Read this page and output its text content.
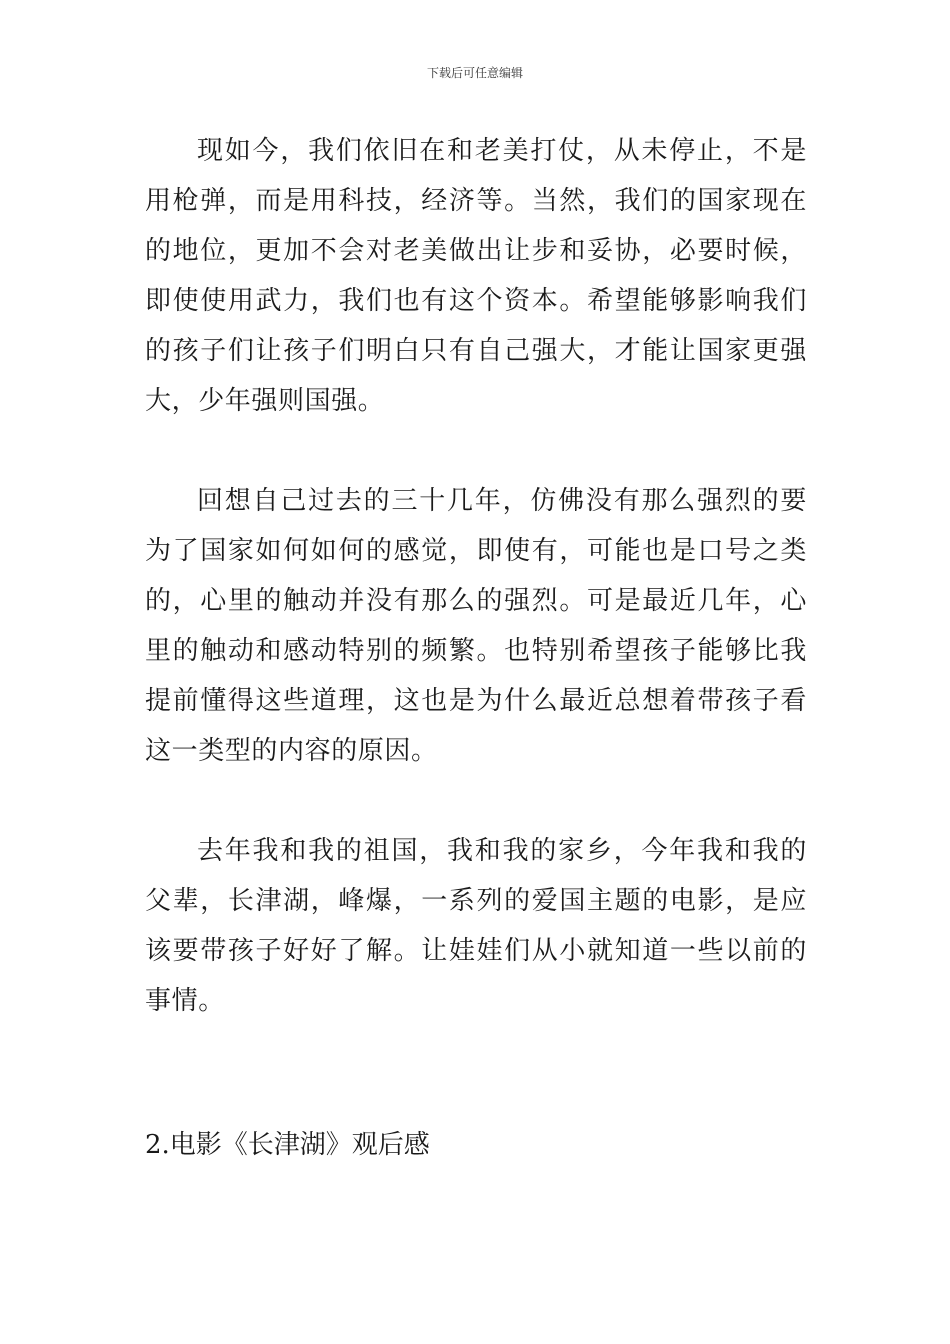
下载后可任意编辑

现如今，我们依旧在和老美打仗，从未停止，不是用枪弹，而是用科技，经济等。当然，我们的国家现在的地位，更加不会对老美做出让步和妥协，必要时候，即使使用武力，我们也有这个资本。希望能够影响我们的孩子们让孩子们明白只有自己强大，才能让国家更强大，少年强则国强。

回想自己过去的三十几年，仿佛没有那么强烈的要为了国家如何如何的感觉，即使有，可能也是口号之类的，心里的触动并没有那么的强烈。可是最近几年，心里的触动和感动特别的频繁。也特别希望孩子能够比我提前懂得这些道理，这也是为什么最近总想着带孩子看这一类型的内容的原因。

去年我和我的祖国，我和我的家乡，今年我和我的父辈，长津湖，峰爆，一系列的爱国主题的电影，是应该要带孩子好好了解。让娃娃们从小就知道一些以前的事情。

2.电影《长津湖》观后感
